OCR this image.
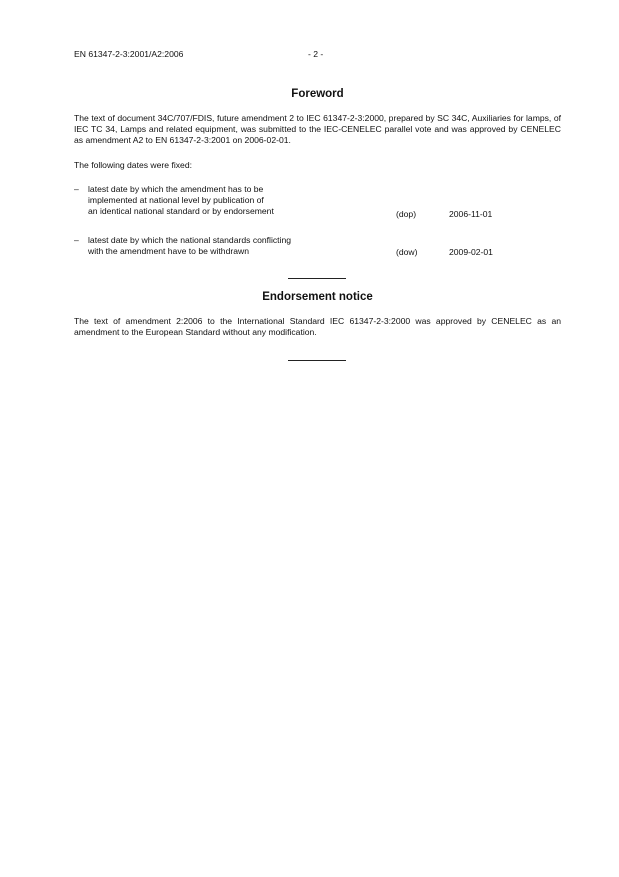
EN 61347-2-3:2001/A2:2006	- 2 -
Foreword
The text of document 34C/707/FDIS, future amendment 2 to IEC 61347-2-3:2000, prepared by SC 34C, Auxiliaries for lamps, of IEC TC 34, Lamps and related equipment, was submitted to the IEC-CENELEC parallel vote and was approved by CENELEC as amendment A2 to EN 61347-2-3:2001 on 2006-02-01.
The following dates were fixed:
– latest date by which the amendment has to be
implemented at national level by publication of
an identical national standard or by endorsement	(dop)	2006-11-01
– latest date by which the national standards conflicting
with the amendment have to be withdrawn	(dow)	2009-02-01
Endorsement notice
The text of amendment 2:2006 to the International Standard IEC 61347-2-3:2000 was approved by CENELEC as an amendment to the European Standard without any modification.
